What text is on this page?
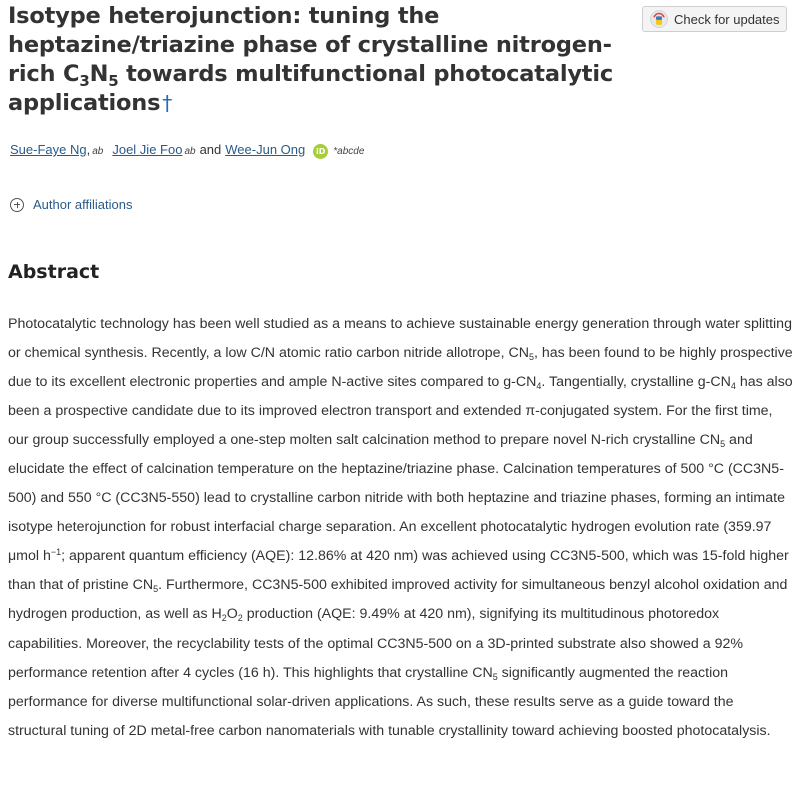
Isotype heterojunction: tuning the heptazine/triazine phase of crystalline nitrogen-rich $C_3N_5$ towards multifunctional photocatalytic applications †
Check for updates
Sue-Faye Ng , ab Joel Jie Foo ab and Wee-Jun Ong	iD * abcde
Author affiliations
Abstract

Photocatalytic technology has been well studied as a means to achieve sustainable energy generation through water splitting or chemical synthesis. Recently, a low C/N atomic ratio carbon nitride allotrope, $CN_5$, has been found to be highly prospective due to its excellent electronic properties and ample N-active sites compared to $g-CN_4$. Tangentially, crystalline $g-CN_4$ has also been a prospective candidate due to its improved electron transport and extended π-conjugated system. For the first time, our group successfully employed a one-step molten salt calcination method to prepare novel N-rich crystalline $CN_5$ and elucidate the effect of calcination temperature on the heptazine/triazine phase. Calcination temperatures of 500 °C (CC3N5-500) and 550 °C (CC3N5-550) lead to crystalline carbon nitride with both heptazine and triazine phases, forming an intimate isotype heterojunction for robust interfacial charge separation. An excellent photocatalytic hydrogen evolution rate (359.97 μmol $h^{-1}$; apparent quantum efficiency (AQE): 12.86% at 420 nm) was achieved using CC3N5-500, which was 15-fold higher than that of pristine $CN_5$. Furthermore, CC3N5-500 exhibited improved activity for simultaneous benzyl alcohol oxidation and hydrogen production, as well as $H_2O_2$ production (AQE: 9.49% at 420 nm), signifying its multitudinous photoredox capabilities. Moreover, the recyclability tests of the optimal CC3N5-500 on a 3D-printed substrate also showed a 92% performance retention after 4 cycles (16 h). This highlights that crystalline $CN_5$ significantly augmented the reaction performance for diverse multifunctional solar-driven applications. As such, these results serve as a guide toward the structural tuning of 2D metal-free carbon nanomaterials with tunable crystallinity toward achieving boosted photocatalysis.
